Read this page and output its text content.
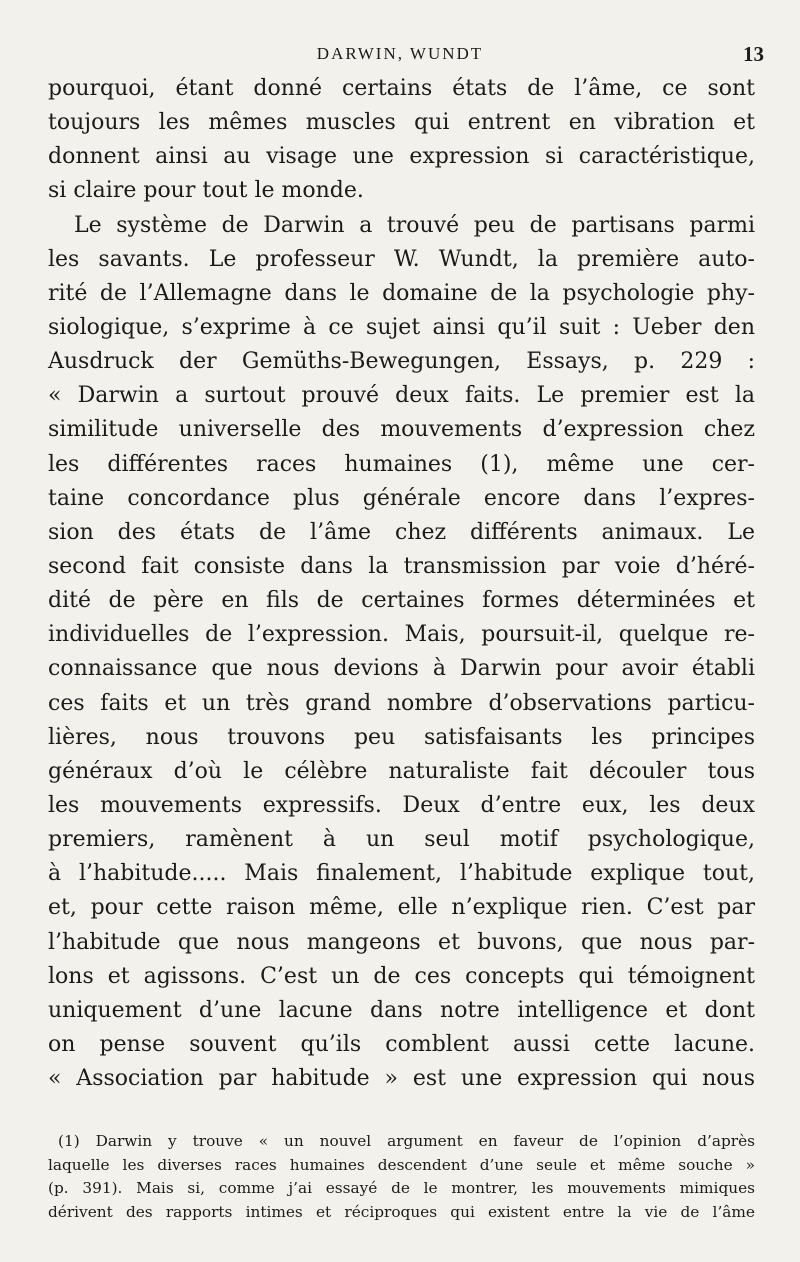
DARWIN, WUNDT	13
pourquoi, étant donné certains états de l’âme, ce sont
toujours les mêmes muscles qui entrent en vibration et
donnent ainsi au visage une expression si caractéristique,
si claire pour tout le monde.
Le système de Darwin a trouvé peu de partisans parmi
les savants. Le professeur W. Wundt, la première auto-
rité de l’Allemagne dans le domaine de la psychologie phy-
siologique, s’exprime à ce sujet ainsi qu’il suit : Ueber den
Ausdruck der Gemüths-Bewegungen, Essays, p. 229 :
« Darwin a surtout prouvé deux faits. Le premier est la
similitude universelle des mouvements d’expression chez
les différentes races humaines (1), même une cer-
taine concordance plus générale encore dans l’expres-
sion des états de l’âme chez différents animaux. Le
second fait consiste dans la transmission par voie d’héré-
dité de père en fils de certaines formes déterminées et
individuelles de l’expression. Mais, poursuit-il, quelque re-
connaissance que nous devions à Darwin pour avoir établi
ces faits et un très grand nombre d’observations particu-
lières, nous trouvons peu satisfaisants les principes
généraux d’où le célèbre naturaliste fait découler tous
les mouvements expressifs. Deux d’entre eux, les deux
premiers, ramènent à un seul motif psychologique,
à l’habitude..... Mais finalement, l’habitude explique tout,
et, pour cette raison même, elle n’explique rien. C’est par
l’habitude que nous mangeons et buvons, que nous par-
lons et agissons. C’est un de ces concepts qui témoignent
uniquement d’une lacune dans notre intelligence et dont
on pense souvent qu’ils comblent aussi cette lacune.
« Association par habitude » est une expression qui nous
(1) Darwin y trouve « un nouvel argument en faveur de l’opinion d’après
laquelle les diverses races humaines descendent d’une seule et même souche »
(p. 391). Mais si, comme j’ai essayé de le montrer, les mouvements mimiques
dérivent des rapports intimes et réciproques qui existent entre la vie de l’âme
